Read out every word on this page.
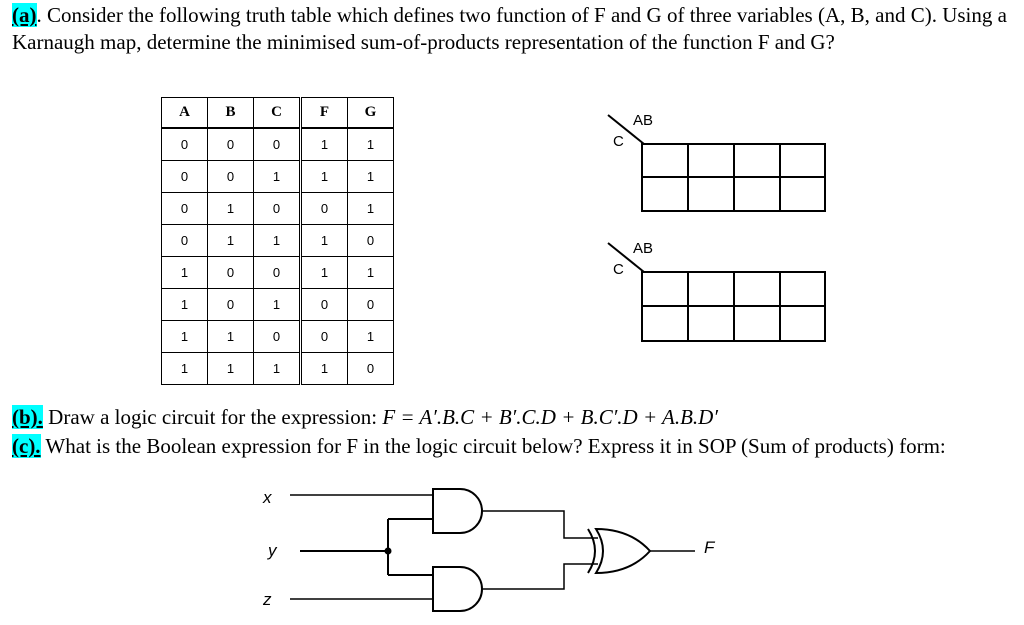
(a). Consider the following truth table which defines two function of F and G of three variables (A, B, and C). Using a Karnaugh map, determine the minimised sum-of-products representation of the function F and G?

A	B	C	F	G
0	0	0	1	1
0	0	1	1	1
0	1	0	0	1
0	1	1	1	0
1	0	0	1	1
1	0	1	0	0
1	1	0	0	1
1	1	1	1	0
AB
C
AB
C

(b). Draw a logic circuit for the expression: F = A′.B.C + B′.C.D + B.C′.D + A.B.D′

(c). What is the Boolean expression for F in the logic circuit below? Express it in SOP (Sum of products) form:

x
y
z
F
